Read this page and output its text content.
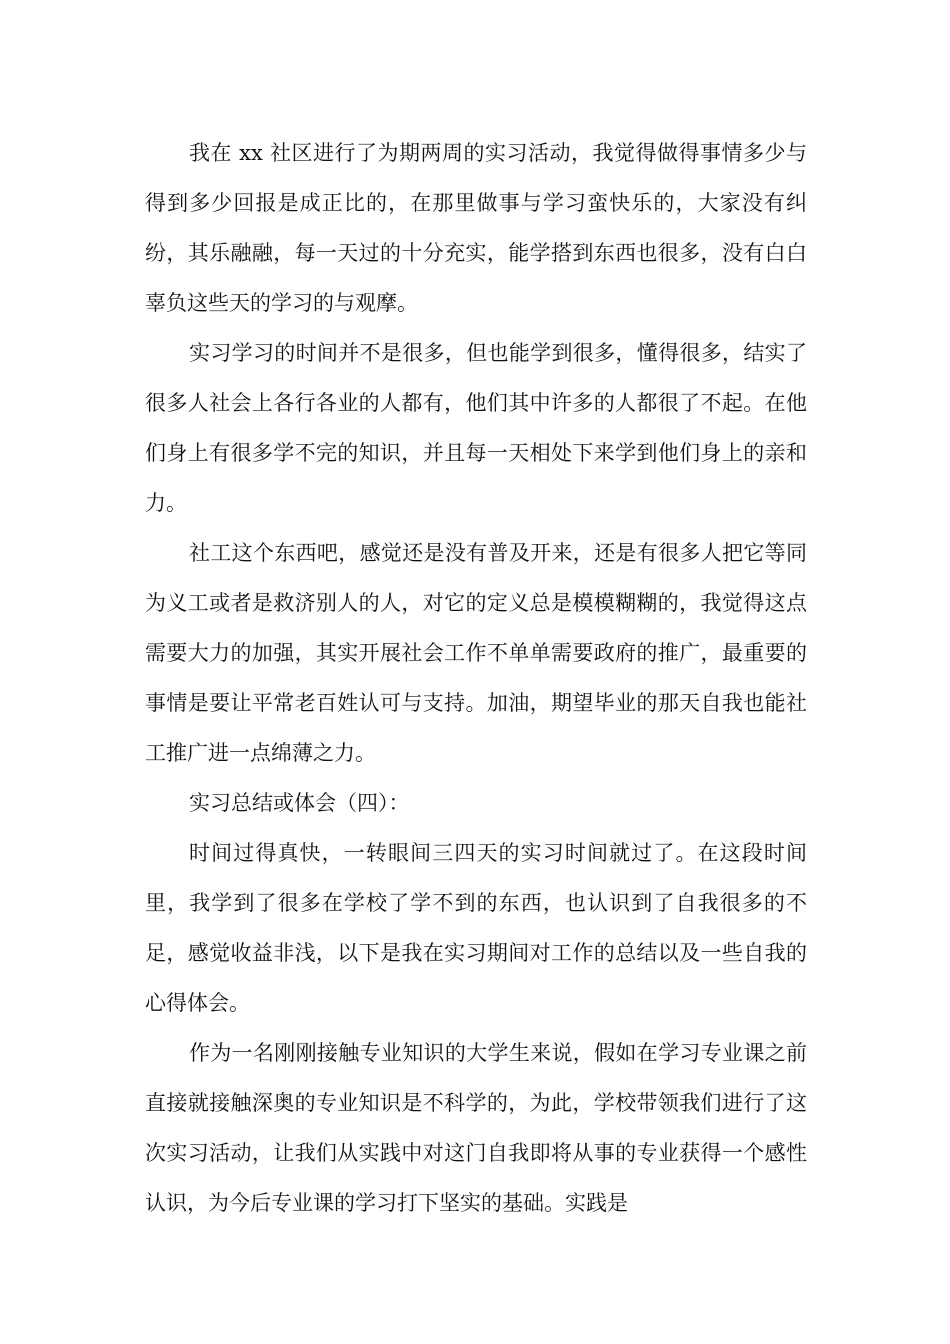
我在 xx 社区进行了为期两周的实习活动，我觉得做得事情多少与得到多少回报是成正比的，在那里做事与学习蛮快乐的，大家没有纠纷，其乐融融，每一天过的十分充实，能学搭到东西也很多，没有白白辜负这些天的学习的与观摩。

实习学习的时间并不是很多，但也能学到很多，懂得很多，结实了很多人社会上各行各业的人都有，他们其中许多的人都很了不起。在他们身上有很多学不完的知识，并且每一天相处下来学到他们身上的亲和力。

社工这个东西吧，感觉还是没有普及开来，还是有很多人把它等同为义工或者是救济别人的人，对它的定义总是模模糊糊的，我觉得这点需要大力的加强，其实开展社会工作不单单需要政府的推广，最重要的事情是要让平常老百姓认可与支持。加油，期望毕业的那天自我也能社工推广进一点绵薄之力。

实习总结或体会（四）：

时间过得真快，一转眼间三四天的实习时间就过了。在这段时间里，我学到了很多在学校了学不到的东西，也认识到了自我很多的不足，感觉收益非浅，以下是我在实习期间对工作的总结以及一些自我的心得体会。

作为一名刚刚接触专业知识的大学生来说，假如在学习专业课之前直接就接触深奥的专业知识是不科学的，为此，学校带领我们进行了这次实习活动，让我们从实践中对这门自我即将从事的专业获得一个感性认识，为今后专业课的学习打下坚实的基础。实践是
